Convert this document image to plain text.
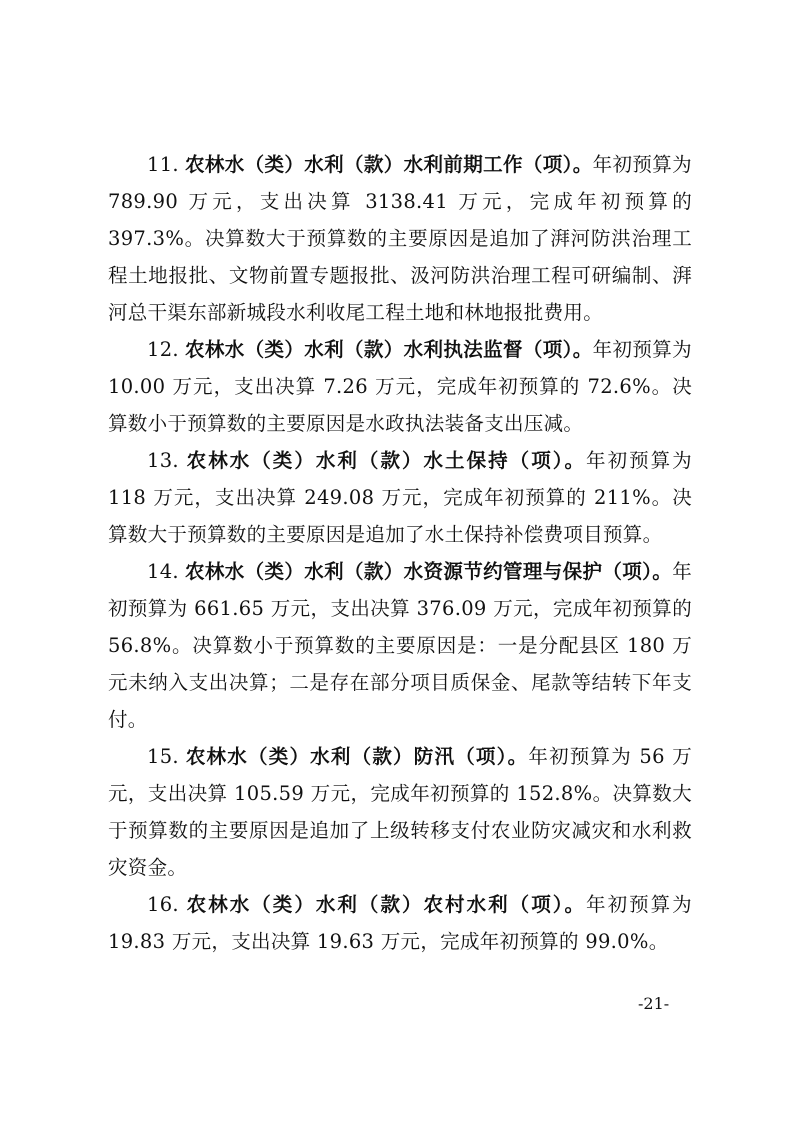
11. 农林水（类）水利（款）水利前期工作（项）。年初预算为 789.90 万元，支出决算 3138.41 万元，完成年初预算的 397.3%。决算数大于预算数的主要原因是追加了湃河防洪治理工程土地报批、文物前置专题报批、汲河防洪治理工程可研编制、湃河总干渠东部新城段水利收尾工程土地和林地报批费用。

12. 农林水（类）水利（款）水利执法监督（项）。年初预算为 10.00 万元，支出决算 7.26 万元，完成年初预算的 72.6%。决算数小于预算数的主要原因是水政执法装备支出压减。

13. 农林水（类）水利（款）水土保持（项）。年初预算为 118 万元，支出决算 249.08 万元，完成年初预算的 211%。决算数大于预算数的主要原因是追加了水土保持补偿费项目预算。

14. 农林水（类）水利（款）水资源节约管理与保护（项）。年初预算为 661.65 万元，支出决算 376.09 万元，完成年初预算的 56.8%。决算数小于预算数的主要原因是：一是分配县区 180 万元未纳入支出决算；二是存在部分项目质保金、尾款等结转下年支付。

15. 农林水（类）水利（款）防汛（项）。年初预算为 56 万元，支出决算 105.59 万元，完成年初预算的 152.8%。决算数大于预算数的主要原因是追加了上级转移支付农业防灾减灾和水利救灾资金。

16. 农林水（类）水利（款）农村水利（项）。年初预算为 19.83 万元，支出决算 19.63 万元，完成年初预算的 99.0%。

-21-
